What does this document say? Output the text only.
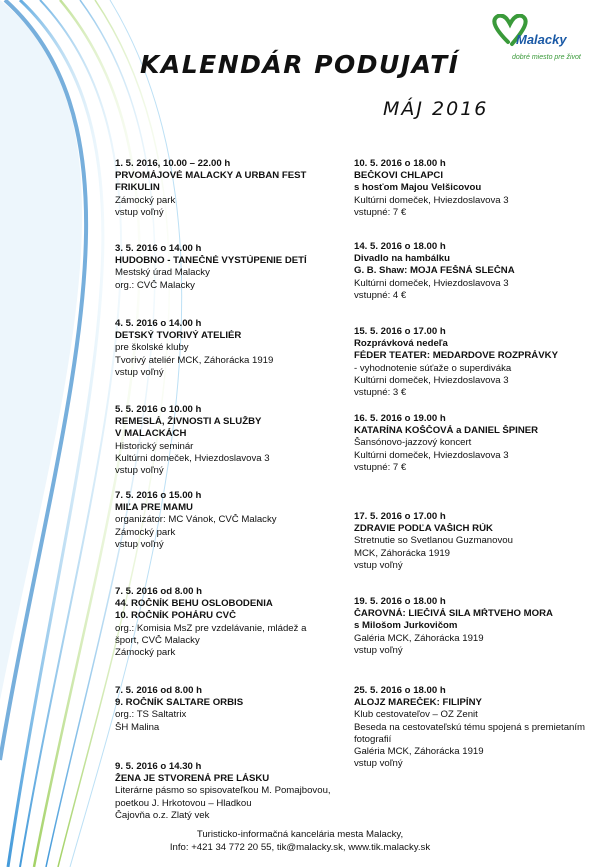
Malacky
dobré miesto pre život
KALENDÁR PODUJATÍ
MÁJ 2016
1. 5. 2016, 10.00 – 22.00 h
PRVOMÁJOVÉ MALACKY A URBAN FEST
FRIKULIN
Zámocký park
vstup voľný
3. 5. 2016 o 14.00 h
HUDOBNO - TANEČNÉ VYSTÚPENIE DETÍ
Mestský úrad Malacky
org.: CVČ Malacky
4. 5. 2016 o 14.00 h
DETSKÝ TVORIVÝ ATELIÉR
pre školské kluby
Tvorivý ateliér MCK, Záhorácka 1919
vstup voľný
5. 5. 2016 o 10.00 h
REMESLÁ, ŽIVNOSTI A SLUŽBY
V MALACKÁCH
Historický seminár
Kultúrni domeček, Hviezdoslavova 3
vstup voľný
7. 5. 2016 o 15.00 h
MIĽA PRE MAMU
organizátor: MC Vánok, CVČ Malacky
Zámocký park
vstup voľný
7. 5. 2016 od 8.00 h
44. ROČNÍK BEHU OSLOBODENIA
10. ROČNÍK POHÁRU CVČ
org.: Komisia MsZ pre vzdelávanie, mládež a
šport, CVČ Malacky
Zámocký park
7. 5. 2016 od 8.00 h
9. ROČNÍK SALTARE ORBIS
org.: TS Saltatrix
ŠH Malina
9. 5. 2016 o 14.30 h
ŽENA JE STVORENÁ PRE LÁSKU
Literárne pásmo so spisovateľkou M. Pomajbovou,
poetkou J. Hrkotovou – Hladkou
Čajovňa o.z. Zlatý vek
10. 5. 2016 o 18.00 h
BEČKOVI CHLAPCI
s hosťom Majou Velšicovou
Kultúrni domeček, Hviezdoslavova 3
vstupné: 7 €
14. 5. 2016 o 18.00 h
Divadlo na hambálku
G. B. Shaw: MOJA FEŠNÁ SLEČNA
Kultúrni domeček, Hviezdoslavova 3
vstupné: 4 €
15. 5. 2016 o 17.00 h
Rozprávková nedeľa
FÉDER TEATER: MEDARDOVE ROZPRÁVKY
- vyhodnotenie súťaže o superdiváka
Kultúrni domeček, Hviezdoslavova 3
vstupné: 3 €
16. 5. 2016 o 19.00 h
KATARÍNA KOŠČOVÁ a DANIEL ŠPINER
Šansónovo-jazzový koncert
Kultúrni domeček, Hviezdoslavova 3
vstupné: 7 €
17. 5. 2016 o 17.00 h
ZDRAVIE PODĽA VAŠICH RÚK
Stretnutie so Svetlanou Guzmanovou
MCK, Záhorácka 1919
vstup voľný
19. 5. 2016 o 18.00 h
ČAROVNÁ: LIEČIVÁ SILA MŔTVEHO MORA
s Milošom Jurkovičom
Galéria MCK, Záhorácka 1919
vstup voľný
25. 5. 2016 o 18.00 h
ALOJZ MAREČEK: FILIPÍNY
Klub cestovateľov – OZ Zenit
Beseda na cestovateľskú tému spojená s premietaním
fotografií
Galéria MCK, Záhorácka 1919
vstup voľný
Turisticko-informačná kancelária mesta Malacky,
Info: +421 34 772 20 55, tik@malacky.sk, www.tik.malacky.sk
